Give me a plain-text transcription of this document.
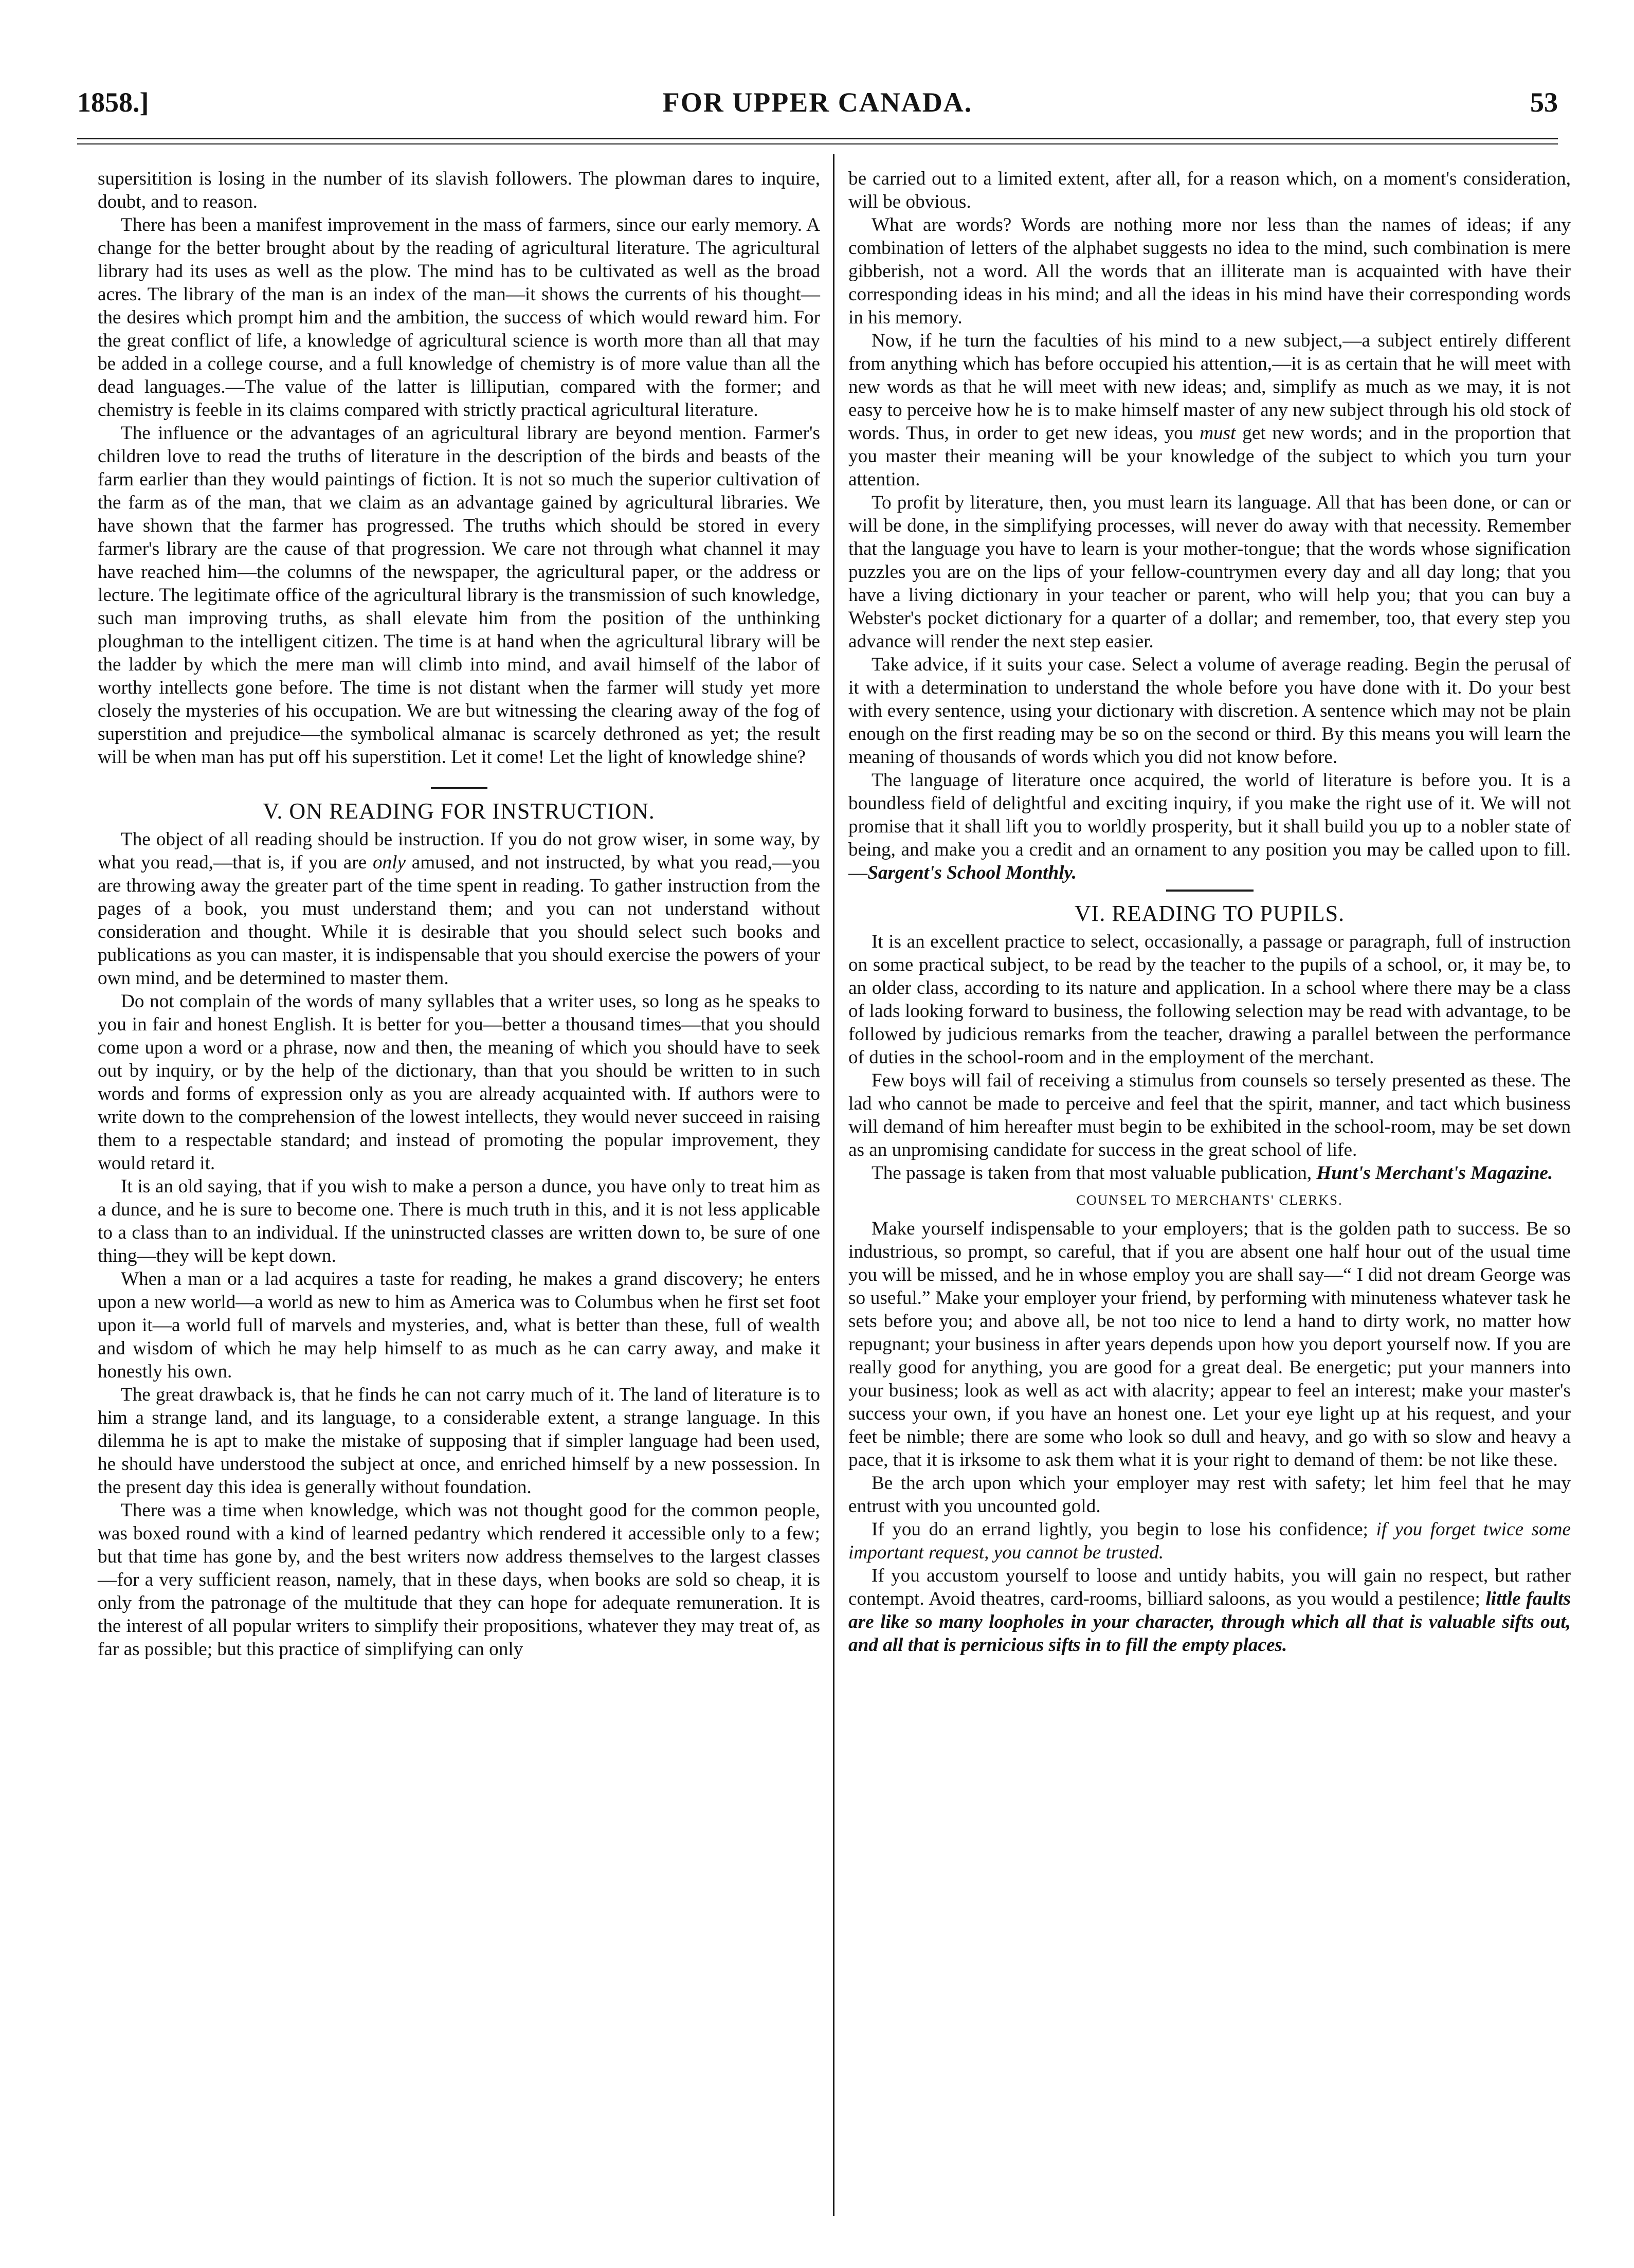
1858.]	FOR UPPER CANADA.	53

supersitition is losing in the number of its slavish followers. The plowman dares to inquire, doubt, and to reason.

There has been a manifest improvement in the mass of farmers, since our early memory. A change for the better brought about by the reading of agricultural literature. The agricultural library had its uses as well as the plow. The mind has to be cultivated as well as the broad acres. The library of the man is an index of the man—it shows the currents of his thought—the desires which prompt him and the ambition, the success of which would reward him. For the great conflict of life, a knowledge of agricultural science is worth more than all that may be added in a college course, and a full knowledge of chemistry is of more value than all the dead languages.—The value of the latter is lilliputian, compared with the former; and chemistry is feeble in its claims compared with strictly practical agricultural literature.

The influence or the advantages of an agricultural library are beyond mention. Farmer's children love to read the truths of literature in the description of the birds and beasts of the farm earlier than they would paintings of fiction. It is not so much the superior cultivation of the farm as of the man, that we claim as an advantage gained by agricultural libraries. We have shown that the farmer has progressed. The truths which should be stored in every farmer's library are the cause of that progression. We care not through what channel it may have reached him—the columns of the newspaper, the agricultural paper, or the address or lecture. The legitimate office of the agricultural library is the transmission of such knowledge, such man improving truths, as shall elevate him from the position of the unthinking ploughman to the intelligent citizen. The time is at hand when the agricultural library will be the ladder by which the mere man will climb into mind, and avail himself of the labor of worthy intellects gone before. The time is not distant when the farmer will study yet more closely the mysteries of his occupation. We are but witnessing the clearing away of the fog of superstition and prejudice—the symbolical almanac is scarcely dethroned as yet; the result will be when man has put off his superstition. Let it come! Let the light of knowledge shine?

V. ON READING FOR INSTRUCTION.

The object of all reading should be instruction. If you do not grow wiser, in some way, by what you read,—that is, if you are only amused, and not instructed, by what you read,—you are throwing away the greater part of the time spent in reading. To gather instruction from the pages of a book, you must understand them; and you can not understand without consideration and thought. While it is desirable that you should select such books and publications as you can master, it is indispensable that you should exercise the powers of your own mind, and be determined to master them.

Do not complain of the words of many syllables that a writer uses, so long as he speaks to you in fair and honest English. It is better for you—better a thousand times—that you should come upon a word or a phrase, now and then, the meaning of which you should have to seek out by inquiry, or by the help of the dictionary, than that you should be written to in such words and forms of expression only as you are already acquainted with. If authors were to write down to the comprehension of the lowest intellects, they would never succeed in raising them to a respectable standard; and instead of promoting the popular improvement, they would retard it.

It is an old saying, that if you wish to make a person a dunce, you have only to treat him as a dunce, and he is sure to become one. There is much truth in this, and it is not less applicable to a class than to an individual. If the uninstructed classes are written down to, be sure of one thing—they will be kept down.

When a man or a lad acquires a taste for reading, he makes a grand discovery; he enters upon a new world—a world as new to him as America was to Columbus when he first set foot upon it—a world full of marvels and mysteries, and, what is better than these, full of wealth and wisdom of which he may help himself to as much as he can carry away, and make it honestly his own.

The great drawback is, that he finds he can not carry much of it. The land of literature is to him a strange land, and its language, to a considerable extent, a strange language. In this dilemma he is apt to make the mistake of supposing that if simpler language had been used, he should have understood the subject at once, and enriched himself by a new possession. In the present day this idea is generally without foundation.

There was a time when knowledge, which was not thought good for the common people, was boxed round with a kind of learned pedantry which rendered it accessible only to a few; but that time has gone by, and the best writers now address themselves to the largest classes —for a very sufficient reason, namely, that in these days, when books are sold so cheap, it is only from the patronage of the multitude that they can hope for adequate remuneration. It is the interest of all popular writers to simplify their propositions, whatever they may treat of, as far as possible; but this practice of simplifying can only

be carried out to a limited extent, after all, for a reason which, on a moment's consideration, will be obvious.

What are words? Words are nothing more nor less than the names of ideas; if any combination of letters of the alphabet suggests no idea to the mind, such combination is mere gibberish, not a word. All the words that an illiterate man is acquainted with have their corresponding ideas in his mind; and all the ideas in his mind have their corresponding words in his memory.

Now, if he turn the faculties of his mind to a new subject,—a subject entirely different from anything which has before occupied his attention,—it is as certain that he will meet with new words as that he will meet with new ideas; and, simplify as much as we may, it is not easy to perceive how he is to make himself master of any new subject through his old stock of words. Thus, in order to get new ideas, you must get new words; and in the proportion that you master their meaning will be your knowledge of the subject to which you turn your attention.

To profit by literature, then, you must learn its language. All that has been done, or can or will be done, in the simplifying processes, will never do away with that necessity. Remember that the language you have to learn is your mother-tongue; that the words whose signification puzzles you are on the lips of your fellow-countrymen every day and all day long; that you have a living dictionary in your teacher or parent, who will help you; that you can buy a Webster's pocket dictionary for a quarter of a dollar; and remember, too, that every step you advance will render the next step easier.

Take advice, if it suits your case. Select a volume of average reading. Begin the perusal of it with a determination to understand the whole before you have done with it. Do your best with every sentence, using your dictionary with discretion. A sentence which may not be plain enough on the first reading may be so on the second or third. By this means you will learn the meaning of thousands of words which you did not know before.

The language of literature once acquired, the world of literature is before you. It is a boundless field of delightful and exciting inquiry, if you make the right use of it. We will not promise that it shall lift you to worldly prosperity, but it shall build you up to a nobler state of being, and make you a credit and an ornament to any position you may be called upon to fill.—Sargent's School Monthly.

VI. READING TO PUPILS.

It is an excellent practice to select, occasionally, a passage or paragraph, full of instruction on some practical subject, to be read by the teacher to the pupils of a school, or, it may be, to an older class, according to its nature and application. In a school where there may be a class of lads looking forward to business, the following selection may be read with advantage, to be followed by judicious remarks from the teacher, drawing a parallel between the performance of duties in the school-room and in the employment of the merchant.

Few boys will fail of receiving a stimulus from counsels so tersely presented as these. The lad who cannot be made to perceive and feel that the spirit, manner, and tact which business will demand of him hereafter must begin to be exhibited in the school-room, may be set down as an unpromising candidate for success in the great school of life.

The passage is taken from that most valuable publication, Hunt's Merchant's Magazine.

COUNSEL TO MERCHANTS' CLERKS.

Make yourself indispensable to your employers; that is the golden path to success. Be so industrious, so prompt, so careful, that if you are absent one half hour out of the usual time you will be missed, and he in whose employ you are shall say—“ I did not dream George was so useful.” Make your employer your friend, by performing with minuteness whatever task he sets before you; and above all, be not too nice to lend a hand to dirty work, no matter how repugnant; your business in after years depends upon how you deport yourself now. If you are really good for anything, you are good for a great deal. Be energetic; put your manners into your business; look as well as act with alacrity; appear to feel an interest; make your master's success your own, if you have an honest one. Let your eye light up at his request, and your feet be nimble; there are some who look so dull and heavy, and go with so slow and heavy a pace, that it is irksome to ask them what it is your right to demand of them: be not like these.

Be the arch upon which your employer may rest with safety; let him feel that he may entrust with you uncounted gold.

If you do an errand lightly, you begin to lose his confidence; if you forget twice some important request, you cannot be trusted.

If you accustom yourself to loose and untidy habits, you will gain no respect, but rather contempt. Avoid theatres, card-rooms, billiard saloons, as you would a pestilence; little faults are like so many loopholes in your character, through which all that is valuable sifts out, and all that is pernicious sifts in to fill the empty places.
